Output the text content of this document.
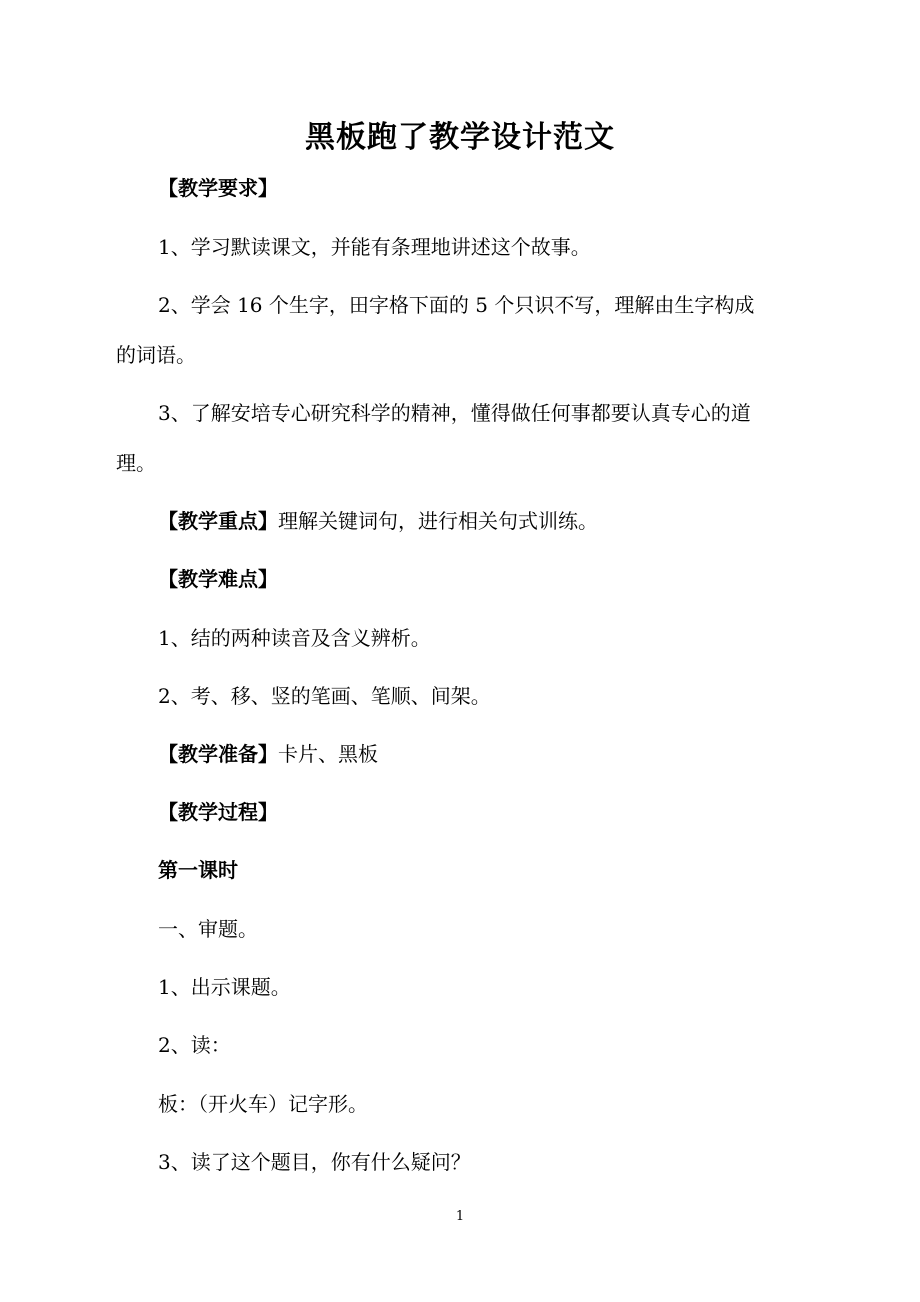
黑板跑了教学设计范文
【教学要求】
1、学习默读课文，并能有条理地讲述这个故事。
2、学会 16 个生字，田字格下面的 5 个只识不写，理解由生字构成
的词语。
3、了解安培专心研究科学的精神，懂得做任何事都要认真专心的道
理。
【教学重点】理解关键词句，进行相关句式训练。
【教学难点】
1、结的两种读音及含义辨析。
2、考、移、竖的笔画、笔顺、间架。
【教学准备】卡片、黑板
【教学过程】
第一课时
一、审题。
1、出示课题。
2、读：
板：（开火车）记字形。
3、读了这个题目，你有什么疑问？
1
